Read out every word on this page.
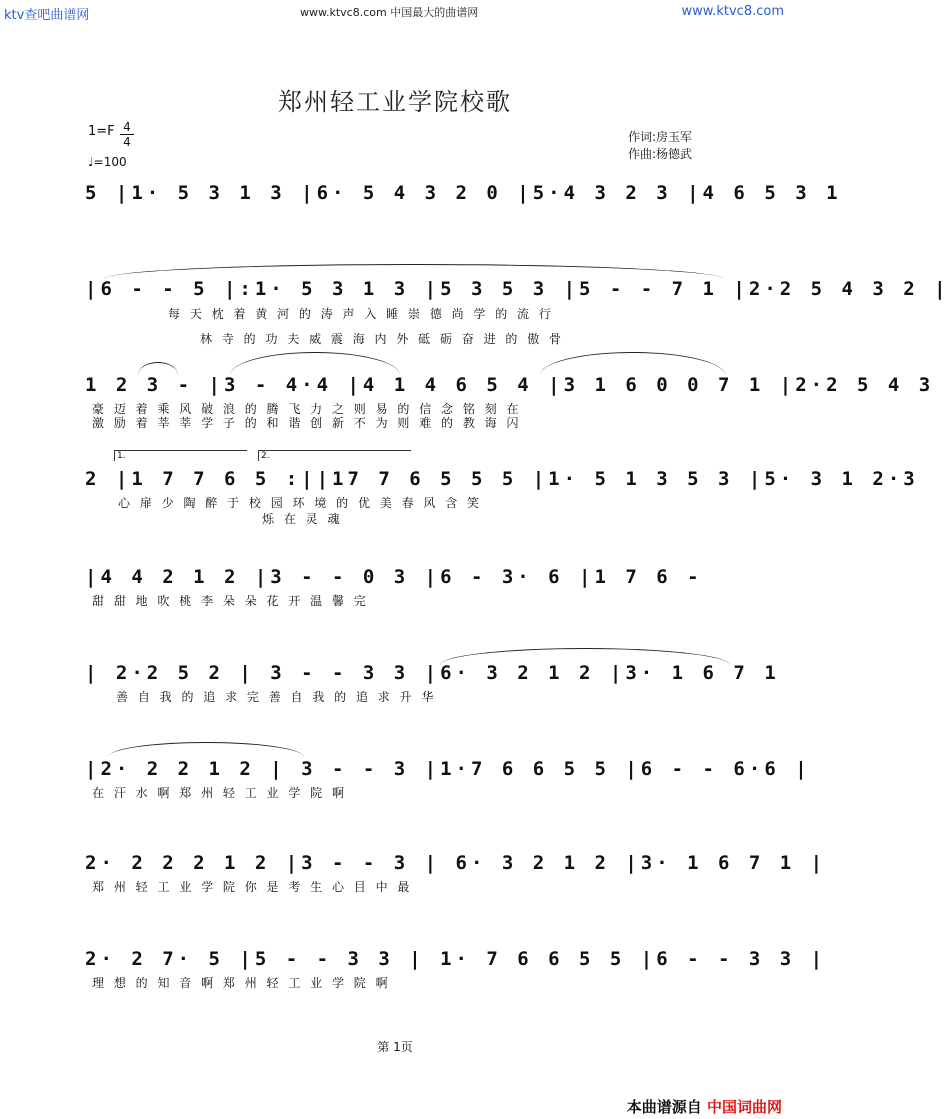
ktv查吧曲谱网	www.ktvc8.com 中国最大的曲谱网	www.ktvc8.com
郑州轻工业学院校歌
1=F 4
4
♩=100
作词:房玉军
作曲:杨德武
5 |1· 5 3 1 3 |6· 5 4 3 2 0 |5·4 3 2 3 |4 6 5 3 1
|6 - - 5 |:1· 5 3 1 3 |5 3 5 3 |5 - - 7 1 |2·2 5 4 3 2 |
每 天 枕 着 黄 河 的 涛 声 入 睡 崇 德 尚 学 的 流 行
林 寺 的 功 夫 威 震 海 内 外 砥 砺 奋 进 的 傲 骨
1 2 3 - |3 - 4·4 |4 1 4 6 5 4 |3 1 6 0 0 7 1 |2·2 5 4 3
豪 迈 着 乘 风 破 浪 的 腾 飞 力 之 则 易 的 信 念 铭 刻 在
激 励 着 莘 莘 学 子 的 和 谐 创 新 不 为 则 难 的 教 诲 闪
1.	2.
2 |1 7 7 6 5 :||17 7 6 5 5 5 |1· 5 1 3 5 3 |5· 3 1 2·3
心 扉 少 陶 醉 于 校 园 环 境 的 优 美 春 风 含 笑
烁 在 灵 魂
|4 4 2 1 2 |3 - - 0 3 |6 - 3· 6 |1 7 6 -
甜 甜 地 吹 桃 李 朵 朵 花 开 温 馨 完
| 2·2 5 2 | 3 - - 3 3 |6· 3 2 1 2 |3· 1 6 7 1
善 自 我 的 追 求 完 善 自 我 的 追 求 升 华
|2· 2 2 1 2 | 3 - - 3 |1·7 6 6 5 5 |6 - - 6·6 |
在 汗 水 啊 郑 州 轻 工 业 学 院 啊
2· 2 2 2 1 2 |3 - - 3 | 6· 3 2 1 2 |3· 1 6 7 1 |
郑 州 轻 工 业 学 院 你 是 考 生 心 目 中 最
2· 2 7· 5 |5 - - 3 3 | 1· 7 6 6 5 5 |6 - - 3 3 |
理 想 的 知 音 啊 郑 州 轻 工 业 学 院 啊
第 1页
本曲谱源自 中国词曲网
